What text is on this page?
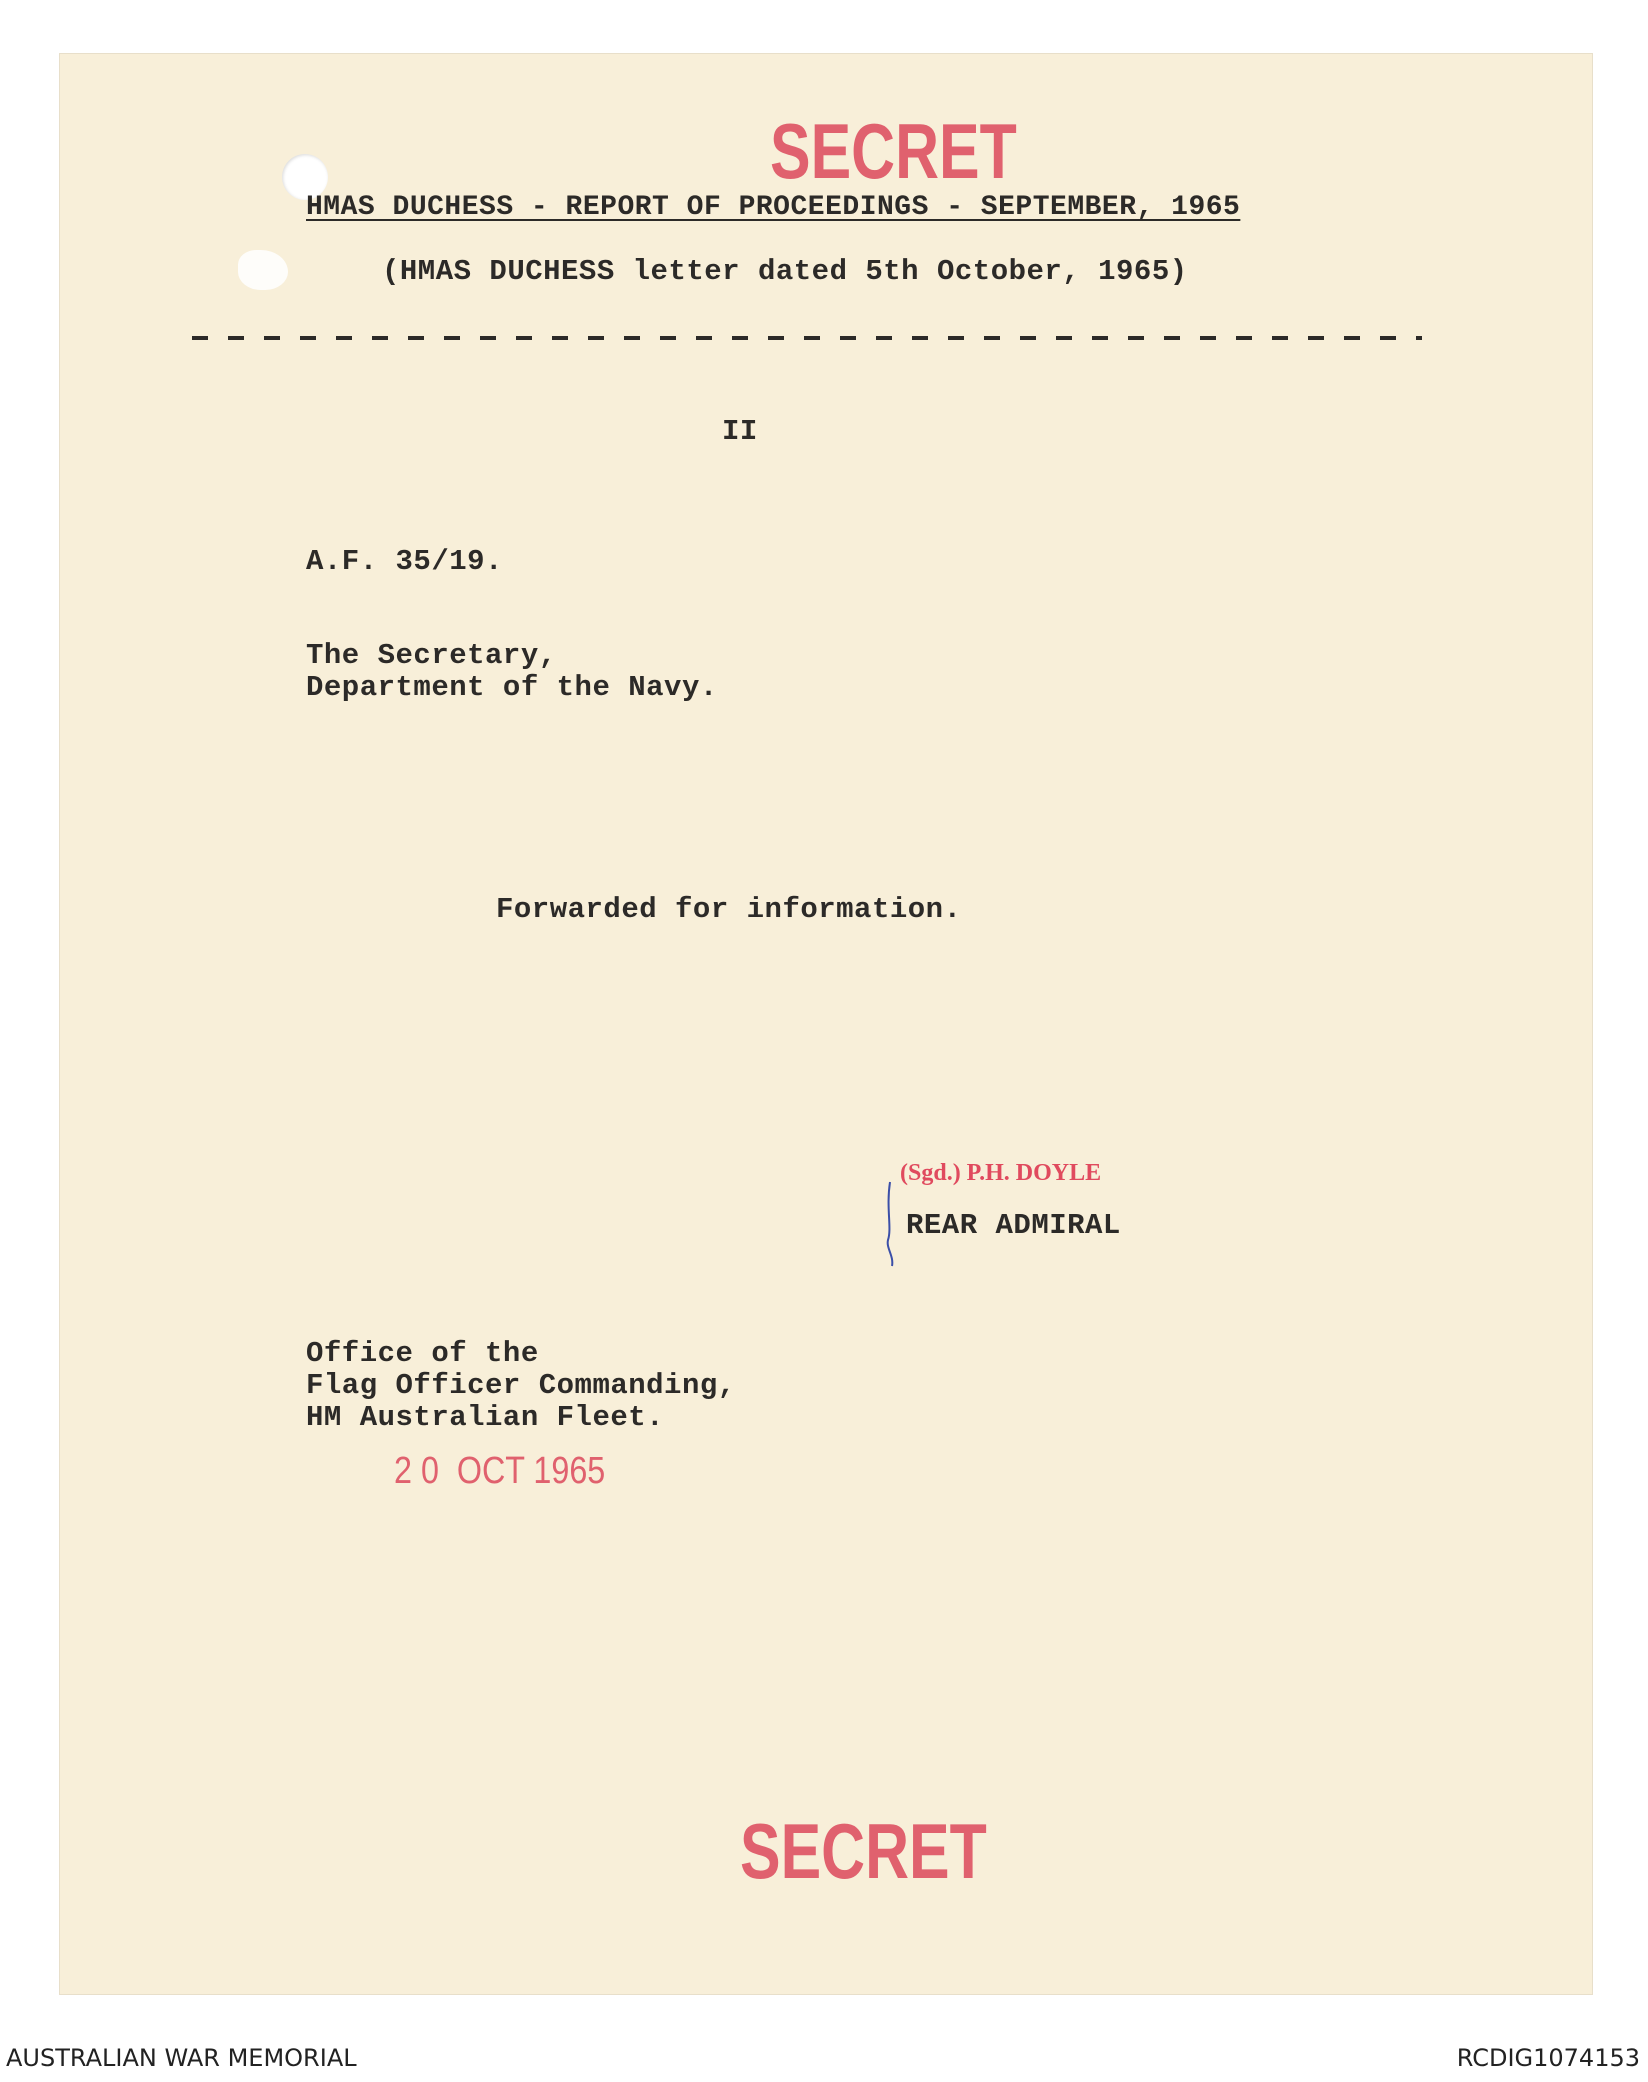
SECRET
HMAS DUCHESS - REPORT OF PROCEEDINGS - SEPTEMBER, 1965
(HMAS DUCHESS letter dated 5th October, 1965)
II
A.F. 35/19.
The Secretary,
Department of the Navy.
Forwarded for information.
(Sgd.) P.H. DOYLE
REAR ADMIRAL
Office of the
Flag Officer Commanding,
HM Australian Fleet.
2 0  OCT 1965
SECRET
AUSTRALIAN WAR MEMORIAL	RCDIG1074153
